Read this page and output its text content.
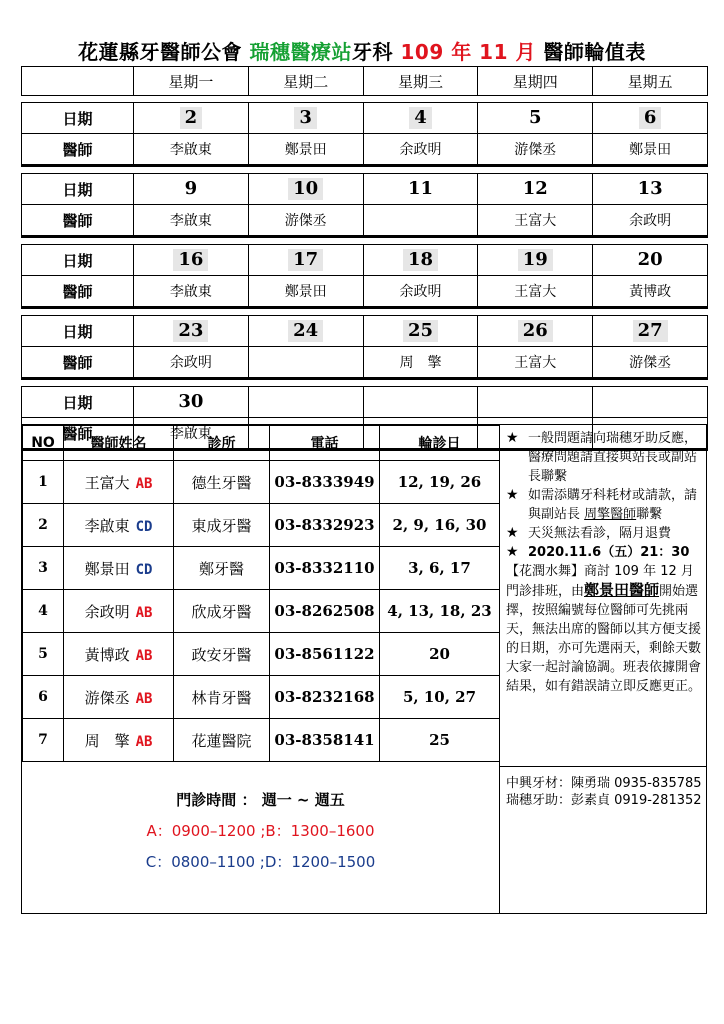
花蓮縣牙醫師公會 瑞穗醫療站牙科 109 年 11 月 醫師輪值表
	星期一	星期二	星期三	星期四	星期五

日期	2	3	4	5	6
醫師	李啟東	鄭景田	余政明	游傑丞	鄭景田

日期	9	10	11	12	13
醫師	李啟東	游傑丞		王富大	余政明

日期	16	17	18	19	20
醫師	李啟東	鄭景田	余政明	王富大	黃博政

日期	23	24	25	26	27
醫師	余政明		周　擎	王富大	游傑丞

日期	30				
醫師	李啟東				
NO	醫師姓名	診所	電話	輪診日
1	王富大 AB	德生牙醫	03-8333949	12, 19, 26
2	李啟東 CD	東成牙醫	03-8332923	2, 9, 16, 30
3	鄭景田 CD	鄭牙醫	03-8332110	3, 6, 17
4	余政明 AB	欣成牙醫	03-8262508	4, 13, 18, 23
5	黃博政 AB	政安牙醫	03-8561122	20
6	游傑丞 AB	林肯牙醫	03-8232168	5, 10, 27
7	周　擎 AB	花蓮醫院	03-8358141	25
門診時間 ： 週一 ~ 週五
A：0900–1200 ;B：1300–1600
C：0800–1100 ;D：1200–1500
★ 一般問題請向瑞穗牙助反應，醫療問題請直接與站長或副站長聯繫
★ 如需添購牙科耗材或請款，請與副站長 周擎醫師聯繫
★ 天災無法看診，隔月退費
★ 2020.11.6（五）21：30
【花潤水舞】商討 109 年 12 月門診排班，由鄭景田醫師開始選擇，按照編號每位醫師可先挑兩天，無法出席的醫師以其方便支援的日期，亦可先選兩天，剩餘天數大家一起討論協調。班表依據開會結果，如有錯誤請立即反應更正。
中興牙材：陳勇瑞 0935-835785
瑞穗牙助：彭素貞 0919-281352
